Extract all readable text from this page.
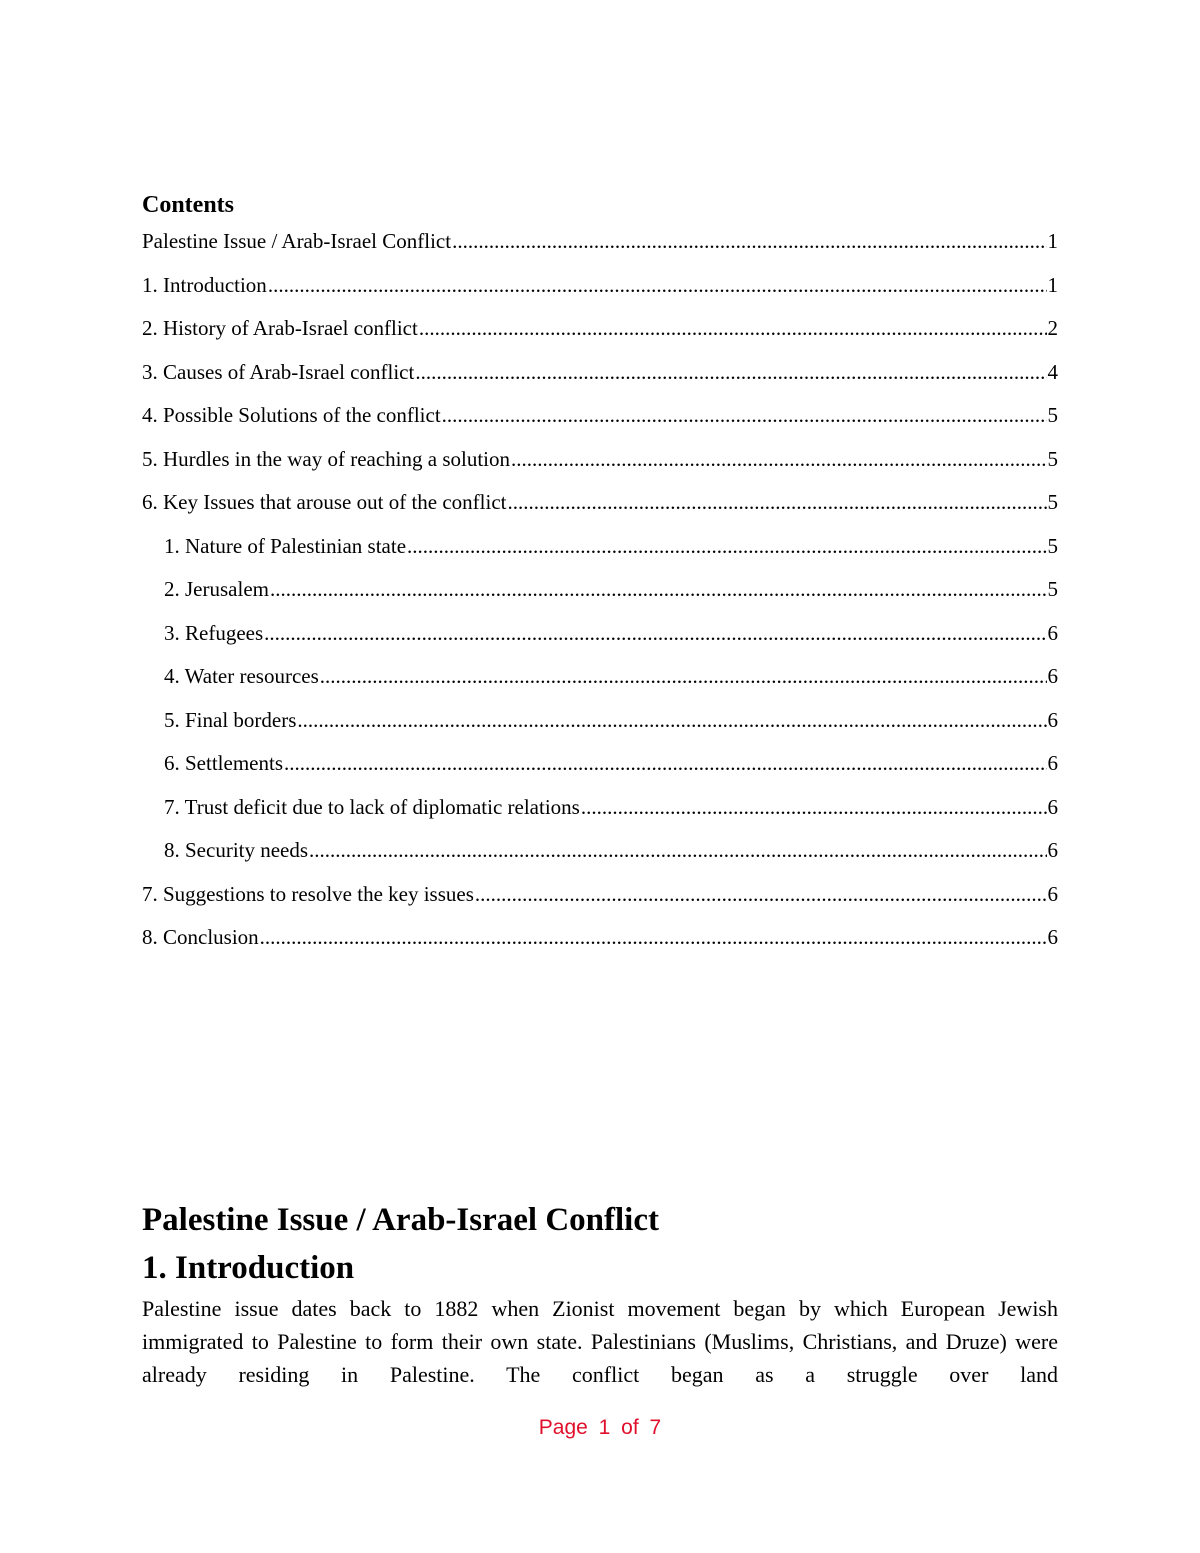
Contents
Palestine Issue / Arab-Israel Conflict .....	1
1. Introduction .....	1
2. History of Arab-Israel conflict .....	2
3. Causes of Arab-Israel conflict .....	4
4. Possible Solutions of the conflict .....	5
5. Hurdles in the way of reaching a solution .....	5
6. Key Issues that arouse out of the conflict .....	5
1. Nature of Palestinian state .....	5
2. Jerusalem .....	5
3. Refugees .....	6
4. Water resources .....	6
5. Final borders .....	6
6. Settlements .....	6
7. Trust deficit due to lack of diplomatic relations .....	6
8. Security needs .....	6
7. Suggestions to resolve the key issues .....	6
8. Conclusion .....	6
Palestine Issue / Arab-Israel Conflict
1. Introduction

Palestine issue dates back to 1882 when Zionist movement began by which European Jewish immigrated to Palestine to form their own state. Palestinians (Muslims, Christians, and Druze) were already residing in Palestine. The conflict began as a struggle over land

Page 1 of 7
